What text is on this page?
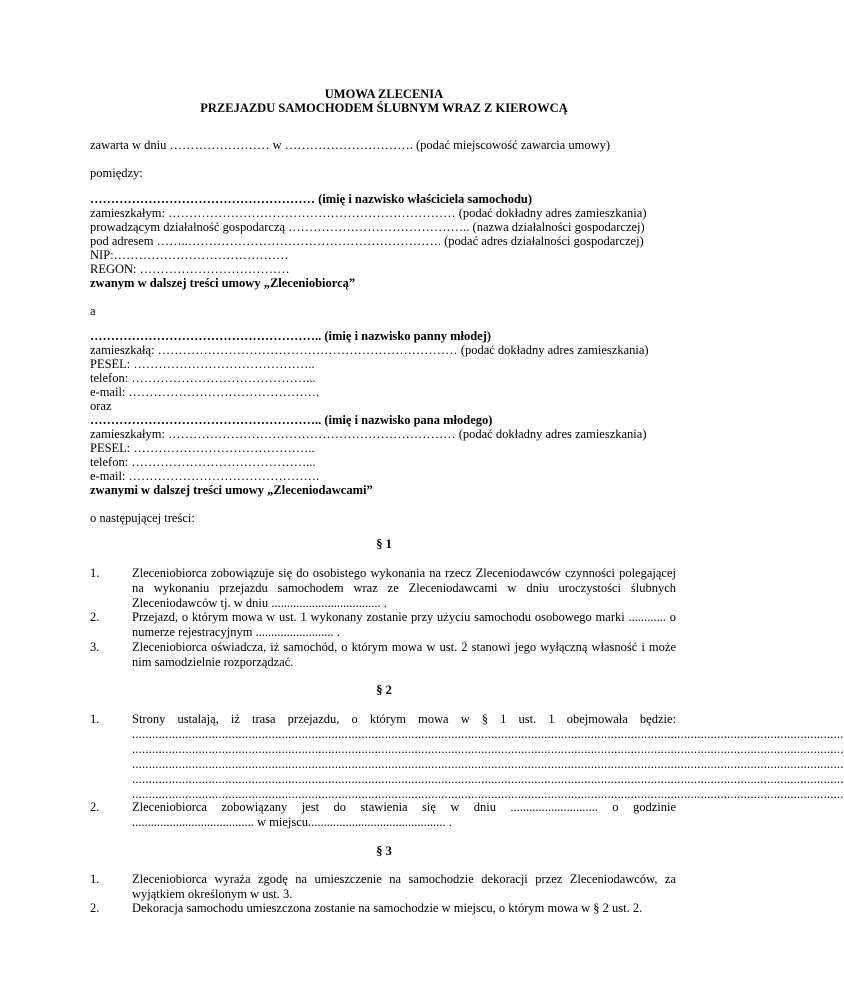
UMOWA ZLECENIA
PRZEJAZDU SAMOCHODEM ŚLUBNYM WRAZ Z KIEROWCĄ
zawarta w dniu …………………… w …………………………. (podać miejscowość zawarcia umowy)
pomiędzy:
……………………………………………… (imię i nazwisko właściciela samochodu)
zamieszkałym: …………………………………………………………… (podać dokładny adres zamieszkania)
prowadzącym działalność gospodarczą …………………………………….. (nazwa działalności gospodarczej)
pod adresem ……..……………………………………………………. (podać adres działalności gospodarczej)
NIP:……………………………………
REGON: ………………………………
zwanym w dalszej treści umowy „Zleceniobiorcą”
a
……………………………………………….. (imię i nazwisko panny młodej)
zamieszkałą: ……………………………………………………………… (podać dokładny adres zamieszkania)
PESEL: ……………………………………..
telefon: ……………………………………...
e-mail: ……………………………………….
oraz
……………………………………………….. (imię i nazwisko pana młodego)
zamieszkałym: …………………………………………………………… (podać dokładny adres zamieszkania)
PESEL: ……………………………………..
telefon: ……………………………………...
e-mail: ……………………………………….
zwanymi w dalszej treści umowy „Zleceniodawcami”
o następującej treści:
§ 1
1.	Zleceniobiorca zobowiązuje się do osobistego wykonania na rzecz Zleceniodawców czynności polegającej na wykonaniu przejazdu samochodem wraz ze Zleceniodawcami w dniu uroczystości ślubnych Zleceniodawców tj. w dniu ................................... .
2.	Przejazd, o którym mowa w ust. 1 wykonany zostanie przy użyciu samochodu osobowego marki ............ o numerze rejestracyjnym ......................... .
3.	Zleceniobiorca oświadcza, iż samochód, o którym mowa w ust. 2 stanowi jego wyłączną własność i może nim samodzielnie rozporządzać.
§ 2
1.	Strony ustalają, iż trasa przejazdu, o którym mowa w § 1 ust. 1 obejmowała będzie:
......................................................................................................................................................................................................................
......................................................................................................................................................................................................................
......................................................................................................................................................................................................................
......................................................................................................................................................................................................................
......................................................................................................................................................................................................................
2.	Zleceniobiorca zobowiązany jest do stawienia się w dniu ............................ o godzinie ....................................... w miejscu............................................ .
§ 3
1.	Zleceniobiorca wyraża zgodę na umieszczenie na samochodzie dekoracji przez Zleceniodawców, za wyjątkiem określonym w ust. 3.
2.	Dekoracja samochodu umieszczona zostanie na samochodzie w miejscu, o którym mowa w § 2 ust. 2.
